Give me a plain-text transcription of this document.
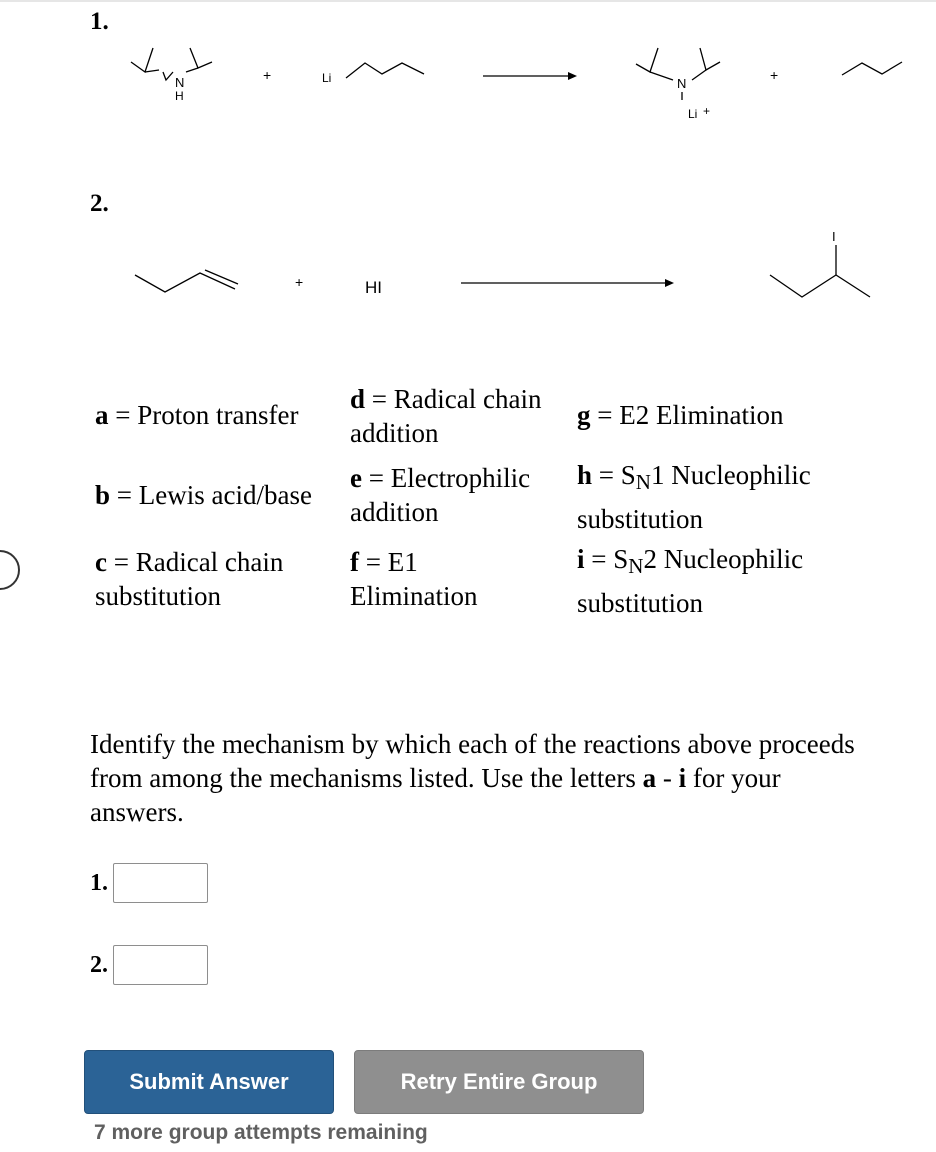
1.
N
H
+	Li	N
Li +
+
2.
+	HI
I
a = Proton transfer
b = Lewis acid/base
c = Radical chain
substitution
d = Radical chain
addition
e = Electrophilic
addition
f = E1
Elimination
g = E2 Elimination
h = SN1 Nucleophilic
substitution
i = SN2 Nucleophilic
substitution
Identify the mechanism by which each of the reactions above proceeds from among the mechanisms listed. Use the letters a - i for your answers.
1.
2.
Submit Answer	Retry Entire Group
7 more group attempts remaining
